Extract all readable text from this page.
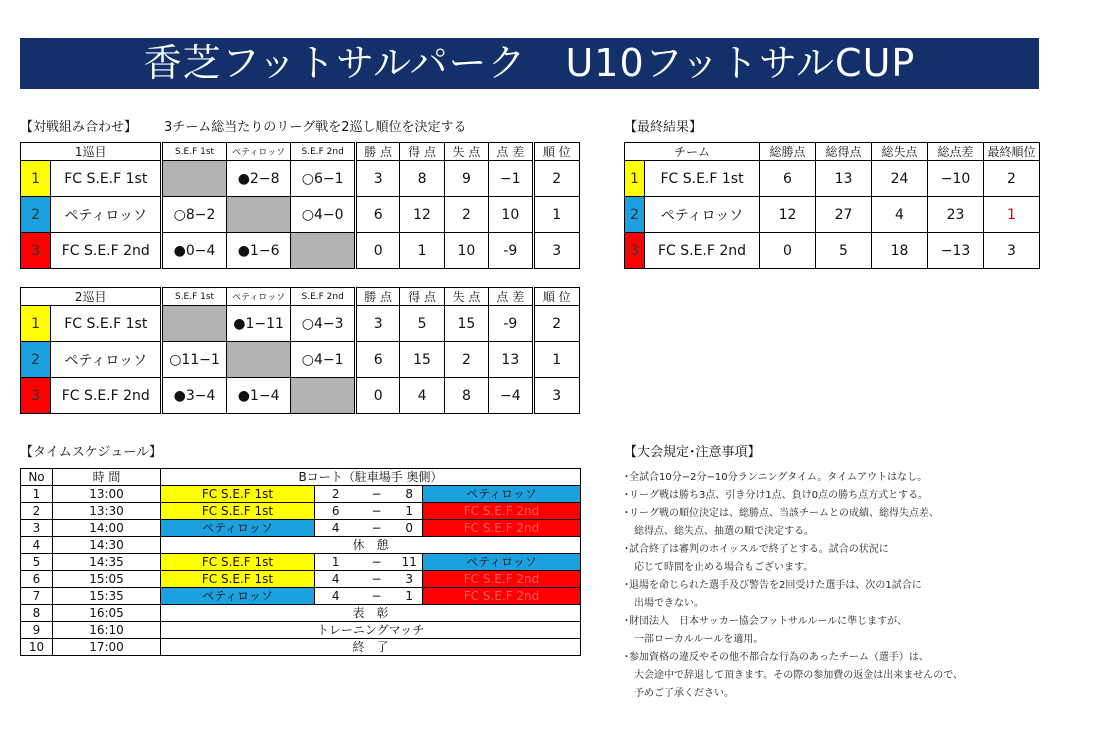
香芝フットサルパーク　U10フットサルCUP
【対戦組み合わせ】 3チーム総当たりのリーグ戦を2巡し順位を決定する	【最終結果】
1巡目		S.E.F 1st	ペティロッソ	S.E.F 2nd	勝 点	得 点	失 点	点 差	順 位
1	FC S.E.F 1st		●2−8	○6−1	3	8	9	−1	2
2	ペティロッソ	○8−2		○4−0	6	12	2	10	1
3	FC S.E.F 2nd	●0−4	●1−6		0	1	10	-9	3
2巡目		S.E.F 1st	ペティロッソ	S.E.F 2nd	勝 点	得 点	失 点	点 差	順 位
1	FC S.E.F 1st		●1−11	○4−3	3	5	15	-9	2
2	ペティロッソ	○11−1		○4−1	6	15	2	13	1
3	FC S.E.F 2nd	●3−4	●1−4		0	4	8	−4	3
チーム		総勝点	総得点	総失点	総点差	最終順位
1	FC S.E.F 1st	6	13	24	−10	2
2	ペティロッソ	12	27	4	23	1
3	FC S.E.F 2nd	0	5	18	−13	3
【タイムスケジュール】	【大会規定･注意事項】
No	時 間	Bコート（駐車場手 奥側）				
1	13:00	FC S.E.F 1st	2	−	8	ペティロッソ
2	13:30	FC S.E.F 1st	6	−	1	FC S.E.F 2nd
3	14:00	ペティロッソ	4	−	0	FC S.E.F 2nd
4	14:30	休　憩				
5	14:35	FC S.E.F 1st	1	−	11	ペティロッソ
6	15:05	FC S.E.F 1st	4	−	3	FC S.E.F 2nd
7	15:35	ペティロッソ	4	−	1	FC S.E.F 2nd
8	16:05	表　彰				
9	16:10	トレーニングマッチ				
10	17:00	終　了				
･全試合10分−2分−10分ランニングタイム。タイムアウトはなし。
･リーグ戦は勝ち3点、引き分け1点、負け0点の勝ち点方式とする。
･リーグ戦の順位決定は、総勝点、当該チームとの成績、総得失点差、
　総得点、総失点、抽選の順で決定する。
･試合終了は審判のホイッスルで終了とする。試合の状況に
　応じて時間を止める場合もございます。
･退場を命じられた選手及び警告を2回受けた選手は、次の1試合に
　出場できない。
･財団法人　日本サッカー協会フットサルルールに準じますが、
　一部ローカルルールを適用。
･参加資格の違反やその他不都合な行為のあったチーム（選手）は、
　大会途中で辞退して頂きます。その際の参加費の返金は出来ませんので、
　予めご了承ください。
